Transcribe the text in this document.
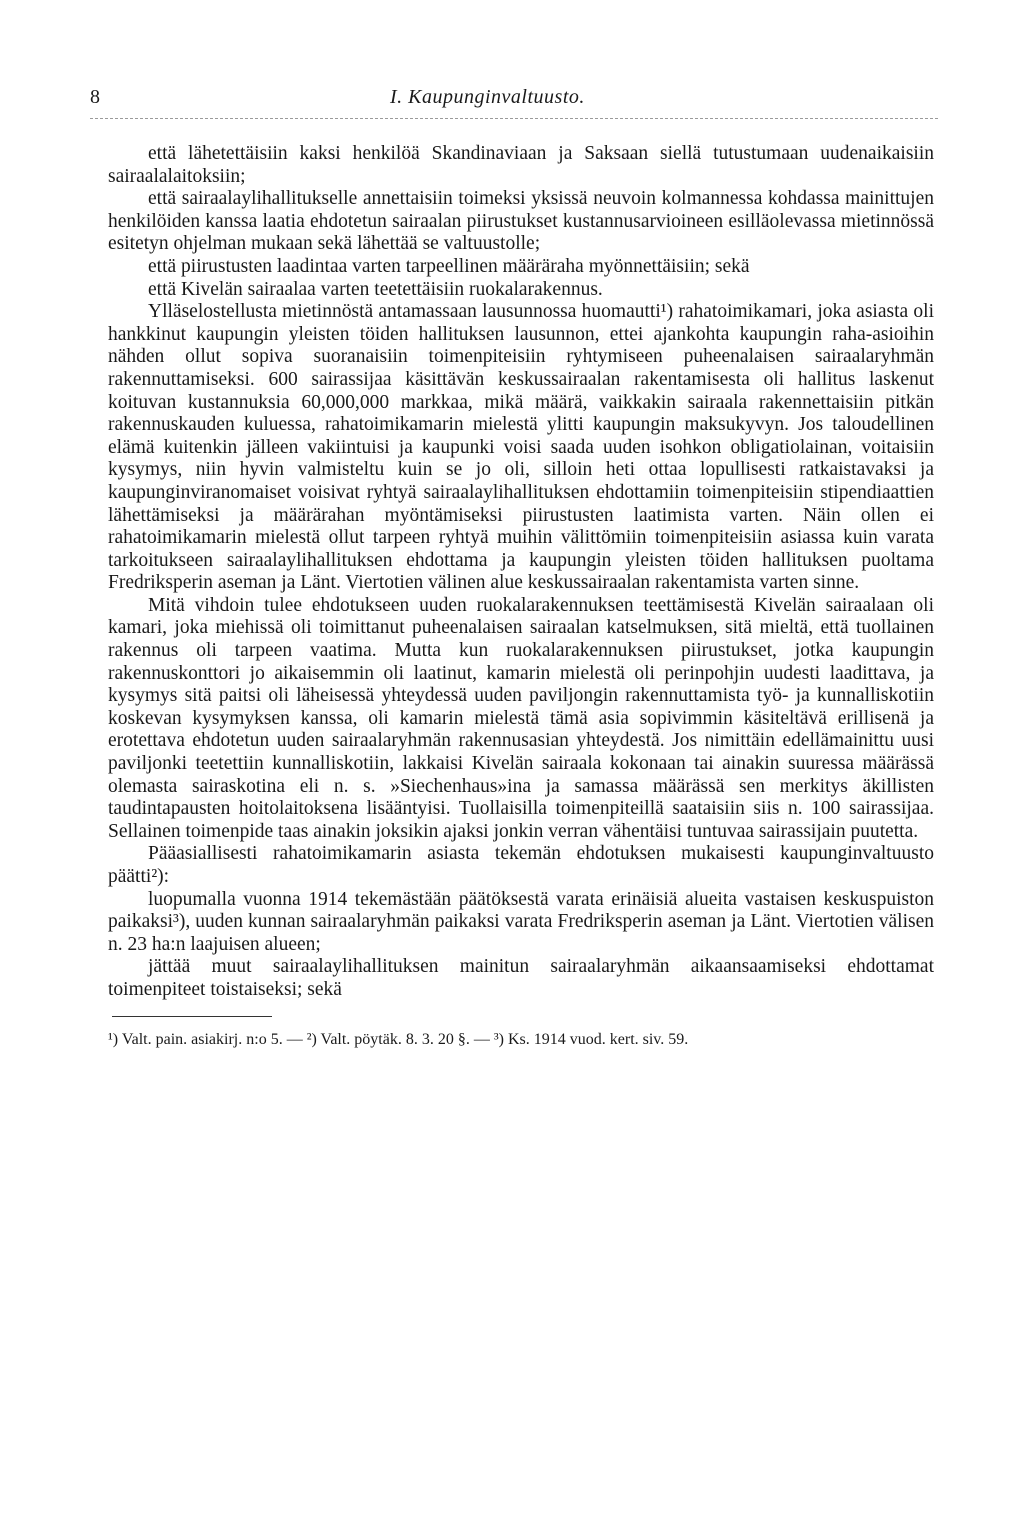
8	I. Kaupunginvaltuusto.

että lähetettäisiin kaksi henkilöä Skandinaviaan ja Saksaan siellä tutustumaan uudenaikaisiin sairaalalaitoksiin;

että sairaalaylihallitukselle annettaisiin toimeksi yksissä neuvoin kolmannessa kohdassa mainittujen henkilöiden kanssa laatia ehdotetun sairaalan piirustukset kustannusarvioineen esilläolevassa mietinnössä esitetyn ohjelman mukaan sekä lähettää se valtuustolle;

että piirustusten laadintaa varten tarpeellinen määräraha myönnettäisiin; sekä

että Kivelän sairaalaa varten teetettäisiin ruokalarakennus.

Ylläselostellusta mietinnöstä antamassaan lausunnossa huomautti¹) rahatoimikamari, joka asiasta oli hankkinut kaupungin yleisten töiden hallituksen lausunnon, ettei ajankohta kaupungin raha-asioihin nähden ollut sopiva suoranaisiin toimenpiteisiin ryhtymiseen puheenalaisen sairaalaryhmän rakennuttamiseksi. 600 sairassijaa käsittävän keskussairaalan rakentamisesta oli hallitus laskenut koituvan kustannuksia 60,000,000 markkaa, mikä määrä, vaikkakin sairaala rakennettaisiin pitkän rakennuskauden kuluessa, rahatoimikamarin mielestä ylitti kaupungin maksukyvyn. Jos taloudellinen elämä kuitenkin jälleen vakiintuisi ja kaupunki voisi saada uuden isohkon obligatiolainan, voitaisiin kysymys, niin hyvin valmisteltu kuin se jo oli, silloin heti ottaa lopullisesti ratkaistavaksi ja kaupunginviranomaiset voisivat ryhtyä sairaalaylihallituksen ehdottamiin toimenpiteisiin stipendiaattien lähettämiseksi ja määrärahan myöntämiseksi piirustusten laatimista varten. Näin ollen ei rahatoimikamarin mielestä ollut tarpeen ryhtyä muihin välittömiin toimenpiteisiin asiassa kuin varata tarkoitukseen sairaalaylihallituksen ehdottama ja kaupungin yleisten töiden hallituksen puoltama Fredriksperin aseman ja Länt. Viertotien välinen alue keskussairaalan rakentamista varten sinne.

Mitä vihdoin tulee ehdotukseen uuden ruokalarakennuksen teettämisestä Kivelän sairaalaan oli kamari, joka miehissä oli toimittanut puheenalaisen sairaalan katselmuksen, sitä mieltä, että tuollainen rakennus oli tarpeen vaatima. Mutta kun ruokalarakennuksen piirustukset, jotka kaupungin rakennuskonttori jo aikaisemmin oli laatinut, kamarin mielestä oli perinpohjin uudesti laadittava, ja kysymys sitä paitsi oli läheisessä yhteydessä uuden paviljongin rakennuttamista työ- ja kunnalliskotiin koskevan kysymyksen kanssa, oli kamarin mielestä tämä asia sopivimmin käsiteltävä erillisenä ja erotettava ehdotetun uuden sairaalaryhmän rakennusasian yhteydestä. Jos nimittäin edellämainittu uusi paviljonki teetettiin kunnalliskotiin, lakkaisi Kivelän sairaala kokonaan tai ainakin suuressa määrässä olemasta sairaskotina eli n. s. »Siechenhaus»ina ja samassa määrässä sen merkitys äkillisten taudintapausten hoitolaitoksena lisääntyisi. Tuollaisilla toimenpiteillä saataisiin siis n. 100 sairassijaa. Sellainen toimenpide taas ainakin joksikin ajaksi jonkin verran vähentäisi tuntuvaa sairassijain puutetta.

Pääasiallisesti rahatoimikamarin asiasta tekemän ehdotuksen mukaisesti kaupunginvaltuusto päätti²):

luopumalla vuonna 1914 tekemästään päätöksestä varata erinäisiä alueita vastaisen keskuspuiston paikaksi³), uuden kunnan sairaalaryhmän paikaksi varata Fredriksperin aseman ja Länt. Viertotien välisen n. 23 ha:n laajuisen alueen;

jättää muut sairaalaylihallituksen mainitun sairaalaryhmän aikaansaamiseksi ehdottamat toimenpiteet toistaiseksi; sekä

¹) Valt. pain. asiakirj. n:o 5. — ²) Valt. pöytäk. 8. 3. 20 §. — ³) Ks. 1914 vuod. kert. siv. 59.
